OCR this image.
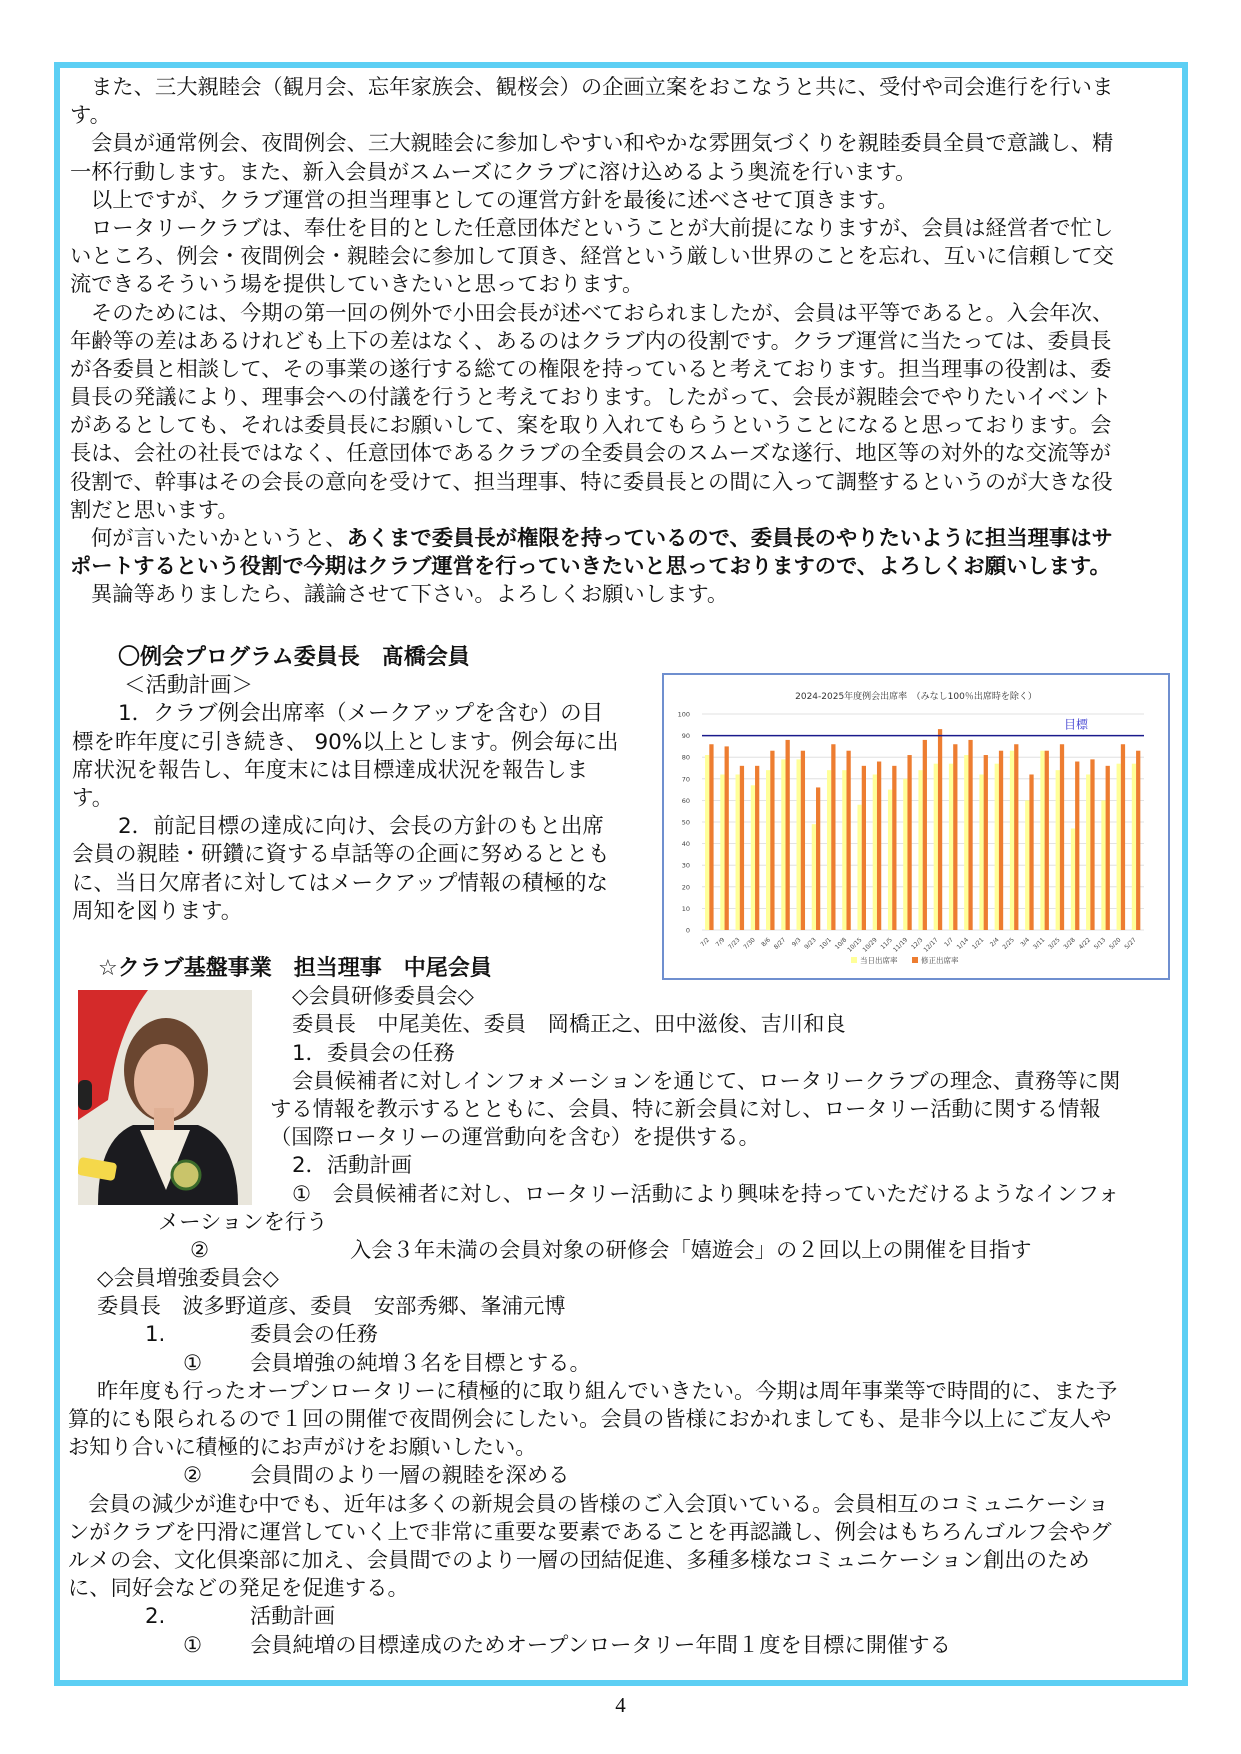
また、三大親睦会（観月会、忘年家族会、観桜会）の企画立案をおこなうと共に、受付や司会進行を行いま
す。
会員が通常例会、夜間例会、三大親睦会に参加しやすい和やかな雰囲気づくりを親睦委員全員で意識し、精
一杯行動します。また、新入会員がスムーズにクラブに溶け込めるよう奥流を行います。
以上ですが、クラブ運営の担当理事としての運営方針を最後に述べさせて頂きます。
ロータリークラブは、奉仕を目的とした任意団体だということが大前提になりますが、会員は経営者で忙し
いところ、例会・夜間例会・親睦会に参加して頂き、経営という厳しい世界のことを忘れ、互いに信頼して交
流できるそういう場を提供していきたいと思っております。
そのためには、今期の第一回の例外で小田会長が述べておられましたが、会員は平等であると。入会年次、
年齢等の差はあるけれども上下の差はなく、あるのはクラブ内の役割です。クラブ運営に当たっては、委員長
が各委員と相談して、その事業の遂行する総ての権限を持っていると考えております。担当理事の役割は、委
員長の発議により、理事会への付議を行うと考えております。したがって、会長が親睦会でやりたいイベント
があるとしても、それは委員長にお願いして、案を取り入れてもらうということになると思っております。会
長は、会社の社長ではなく、任意団体であるクラブの全委員会のスムーズな遂行、地区等の対外的な交流等が
役割で、幹事はその会長の意向を受けて、担当理事、特に委員長との間に入って調整するというのが大きな役
割だと思います。
何が言いたいかというと、あくまで委員長が権限を持っているので、委員長のやりたいように担当理事はサ
ポートするという役割で今期はクラブ運営を行っていきたいと思っておりますので、よろしくお願いします。
異論等ありましたら、議論させて下さい。よろしくお願いします。
〇例会プログラム委員長　髙橋会員
＜活動計画＞
1．クラブ例会出席率（メークアップを含む）の目
標を昨年度に引き続き、 90%以上とします。例会毎に出
席状況を報告し、年度末には目標達成状況を報告しま
す。
2．前記目標の達成に向け、会長の方針のもと出席
会員の親睦・研鑽に資する卓話等の企画に努めるととも
に、当日欠席者に対してはメークアップ情報の積極的な
周知を図ります。
2024-2025年度例会出席率　（みなし100％出席時を除く）
0
10
20
30
40
50
60
70
80
90
100
7/2 7/9 7/23 7/30 8/6 8/27 9/3 9/23 10/1 10/8
10/15
10/29 11/5
11/19 12/3
12/17 1/7 1/14 1/21 2/4 2/25 3/4 3/11 3/25 3/28 4/22 5/13 5/20 5/27
目標
当日出席率	修正出席率
☆クラブ基盤事業　担当理事　中尾会員
◇会員研修委員会◇
委員長　中尾美佐、委員　岡橋正之、田中滋俊、吉川和良
1．委員会の任務
会員候補者に対しインフォメーションを通じて、ロータリークラブの理念、責務等に関
する情報を教示するとともに、会員、特に新会員に対し、ロータリー活動に関する情報
（国際ロータリーの運営動向を含む）を提供する。
2．活動計画
①　会員候補者に対し、ロータリー活動により興味を持っていただけるようなインフォ
メーションを行う
②	入会３年未満の会員対象の研修会「嬉遊会」の２回以上の開催を目指す
◇会員増強委員会◇
委員長　波多野道彦、委員　安部秀郷、峯浦元博
1.	委員会の任務
① 会員増強の純増３名を目標とする。
昨年度も行ったオープンロータリーに積極的に取り組んでいきたい。今期は周年事業等で時間的に、また予
算的にも限られるので１回の開催で夜間例会にしたい。会員の皆様におかれましても、是非今以上にご友人や
お知り合いに積極的にお声がけをお願いしたい。
② 会員間のより一層の親睦を深める
会員の減少が進む中でも、近年は多くの新規会員の皆様のご入会頂いている。会員相互のコミュニケーショ
ンがクラブを円滑に運営していく上で非常に重要な要素であることを再認識し、例会はもちろんゴルフ会やグ
ルメの会、文化倶楽部に加え、会員間でのより一層の団結促進、多種多様なコミュニケーション創出のため
に、同好会などの発足を促進する。
2.	活動計画
① 会員純増の目標達成のためオープンロータリー年間１度を目標に開催する
4
